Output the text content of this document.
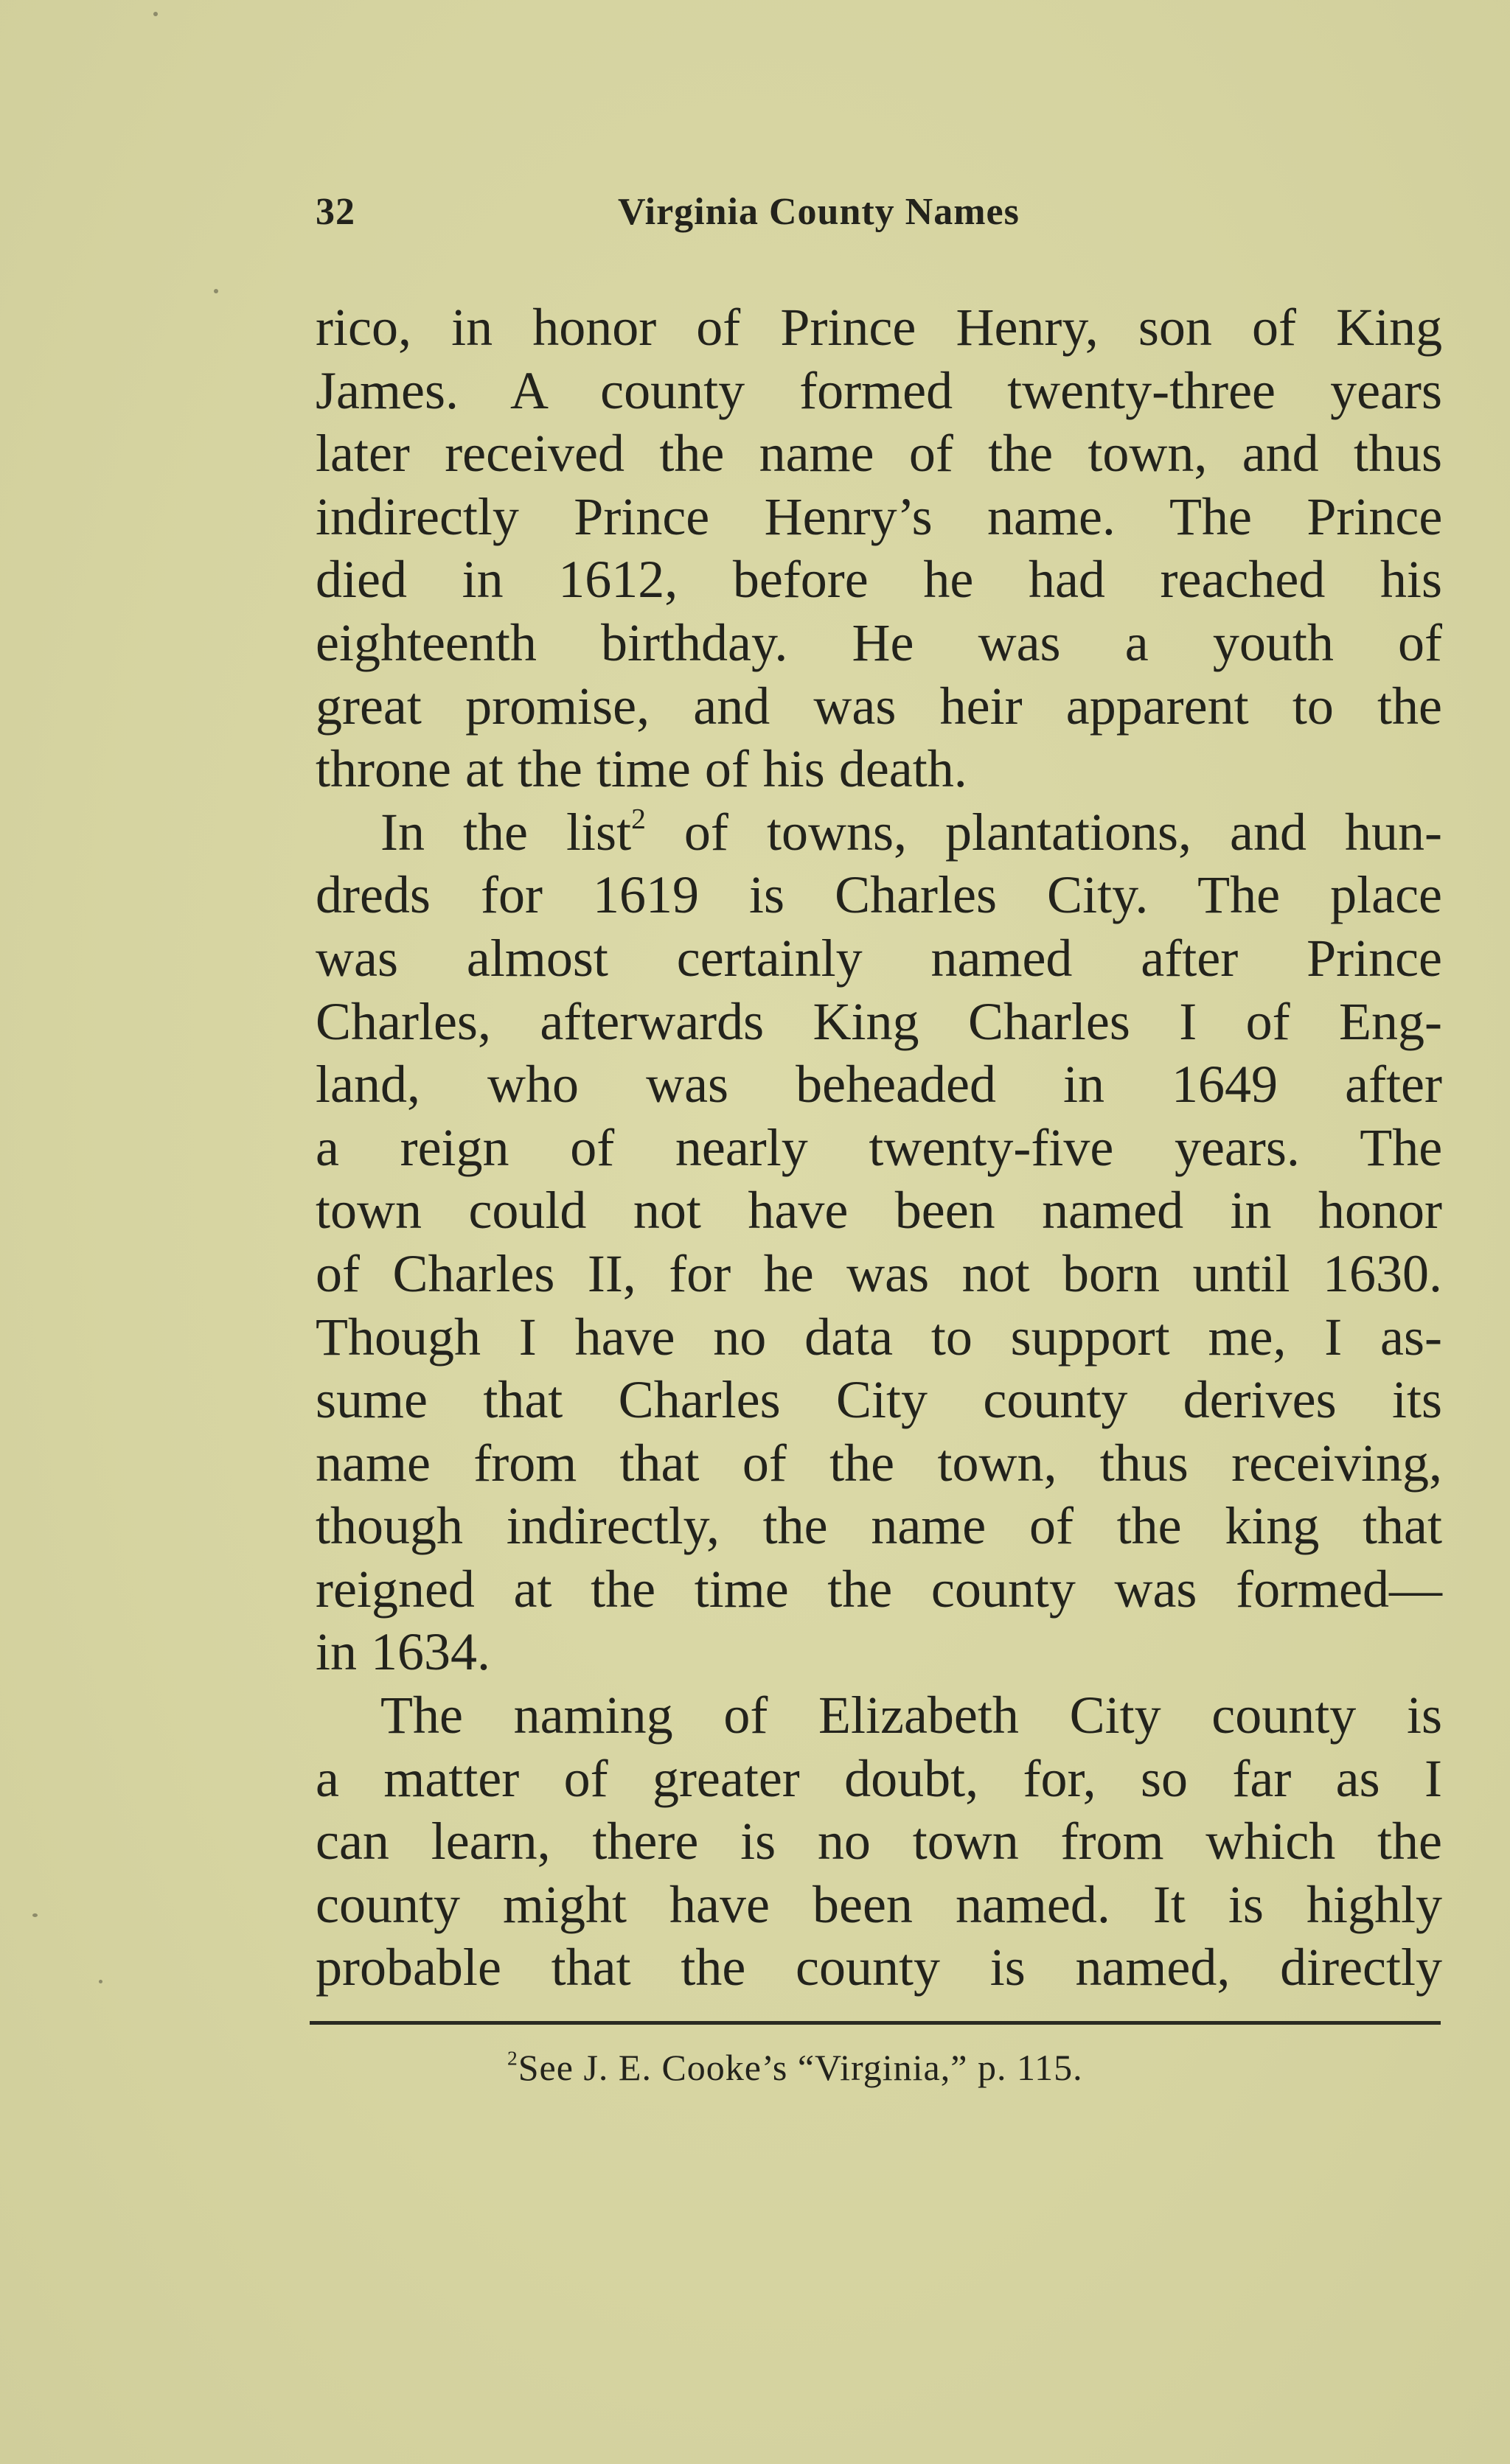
32	Virginia County Names
rico, in honor of Prince Henry, son of King
James. A county formed twenty-three years
later received the name of the town, and thus
indirectly Prince Henry’s name. The Prince
died in 1612, before he had reached his
eighteenth birthday. He was a youth of
great promise, and was heir apparent to the
throne at the time of his death.
In the list$^2$ of towns, plantations, and hun-
dreds for 1619 is Charles City. The place
was almost certainly named after Prince
Charles, afterwards King Charles I of Eng-
land, who was beheaded in 1649 after
a reign of nearly twenty-five years. The
town could not have been named in honor
of Charles II, for he was not born until 1630.
Though I have no data to support me, I as-
sume that Charles City county derives its
name from that of the town, thus receiving,
though indirectly, the name of the king that
reigned at the time the county was formed—
in 1634.
The naming of Elizabeth City county is
a matter of greater doubt, for, so far as I
can learn, there is no town from which the
county might have been named. It is highly
probable that the county is named, directly
$^2$See J. E. Cooke’s “Virginia,” p. 115.
